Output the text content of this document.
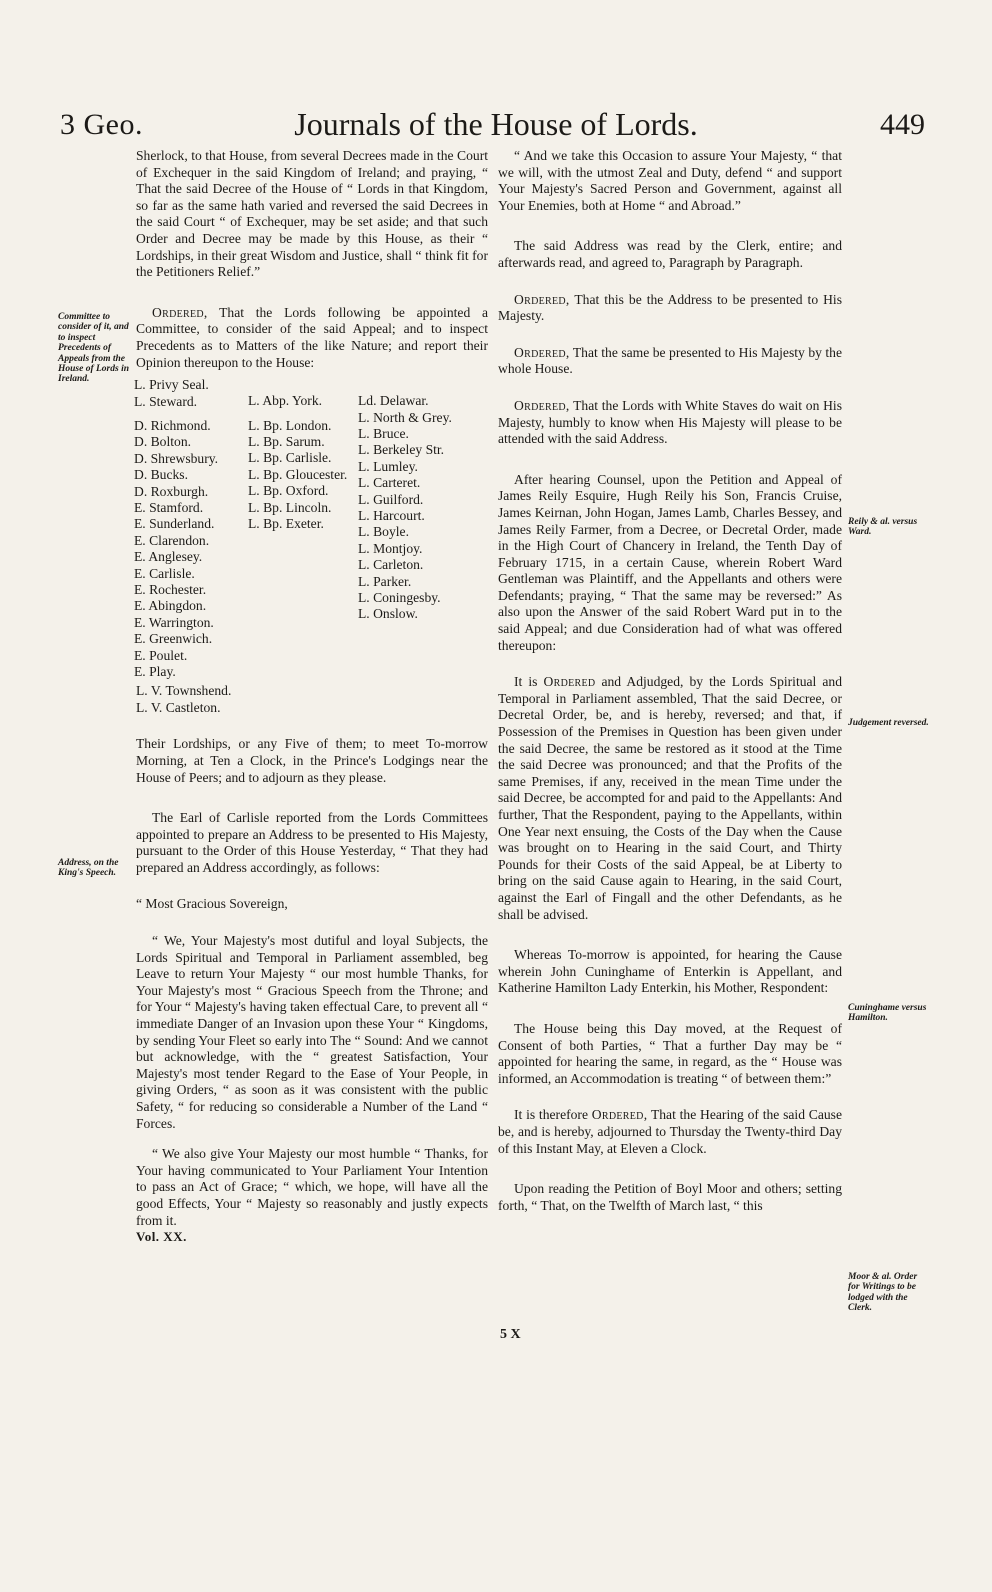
3 Geo.	Journals of the House of Lords.	449

Sherlock, to that House, from several Decrees made in the Court of Exchequer in the said Kingdom of Ireland; and praying, “ That the said Decree of the House of “ Lords in that Kingdom, so far as the same hath varied and reversed the said Decrees in the said Court “ of Exchequer, may be set aside; and that such Order and Decree may be made by this House, as their “ Lordships, in their great Wisdom and Justice, shall “ think fit for the Petitioners Relief.”

Ordered, That the Lords following be appointed a Committee, to consider of the said Appeal; and to inspect Precedents as to Matters of the like Nature; and report their Opinion thereupon to the House:

L. Privy Seal.
L. Steward.
D. Richmond.
D. Bolton.
D. Shrewsbury.
D. Bucks.
D. Roxburgh.
E. Stamford.
E. Sunderland.
E. Clarendon.
E. Anglesey.
E. Carlisle.
E. Rochester.
E. Abingdon.
E. Warrington.
E. Greenwich.
E. Poulet.
E. Play.
L. Abp. York.
L. Bp. London.
L. Bp. Sarum.
L. Bp. Carlisle.
L. Bp. Gloucester.
L. Bp. Oxford.
L. Bp. Lincoln.
L. Bp. Exeter.
Ld. Delawar.
L. North & Grey.
L. Bruce.
L. Berkeley Str.
L. Lumley.
L. Carteret.
L. Guilford.
L. Harcourt.
L. Boyle.
L. Montjoy.
L. Carleton.
L. Parker.
L. Coningesby.
L. Onslow.
L. V. Townshend.
L. V. Castleton.

Their Lordships, or any Five of them; to meet To-morrow Morning, at Ten a Clock, in the Prince's Lodgings near the House of Peers; and to adjourn as they please.

The Earl of Carlisle reported from the Lords Committees appointed to prepare an Address to be presented to His Majesty, pursuant to the Order of this House Yesterday, “ That they had prepared an Address accordingly, as follows:

“ Most Gracious Sovereign,

“ We, Your Majesty's most dutiful and loyal Subjects, the Lords Spiritual and Temporal in Parliament assembled, beg Leave to return Your Majesty “ our most humble Thanks, for Your Majesty's most “ Gracious Speech from the Throne; and for Your “ Majesty's having taken effectual Care, to prevent all “ immediate Danger of an Invasion upon these Your “ Kingdoms, by sending Your Fleet so early into The “ Sound: And we cannot but acknowledge, with the “ greatest Satisfaction, Your Majesty's most tender Regard to the Ease of Your People, in giving Orders, “ as soon as it was consistent with the public Safety, “ for reducing so considerable a Number of the Land “ Forces.

“ We also give Your Majesty our most humble “ Thanks, for Your having communicated to Your Parliament Your Intention to pass an Act of Grace; “ which, we hope, will have all the good Effects, Your “ Majesty so reasonably and justly expects from it.

Vol. XX.

“ And we take this Occasion to assure Your Majesty, “ that we will, with the utmost Zeal and Duty, defend “ and support Your Majesty's Sacred Person and Government, against all Your Enemies, both at Home “ and Abroad.”

The said Address was read by the Clerk, entire; and afterwards read, and agreed to, Paragraph by Paragraph.

Ordered, That this be the Address to be presented to His Majesty.

Ordered, That the same be presented to His Majesty by the whole House.

Ordered, That the Lords with White Staves do wait on His Majesty, humbly to know when His Majesty will please to be attended with the said Address.

After hearing Counsel, upon the Petition and Appeal of James Reily Esquire, Hugh Reily his Son, Francis Cruise, James Keirnan, John Hogan, James Lamb, Charles Bessey, and James Reily Farmer, from a Decree, or Decretal Order, made in the High Court of Chancery in Ireland, the Tenth Day of February 1715, in a certain Cause, wherein Robert Ward Gentleman was Plaintiff, and the Appellants and others were Defendants; praying, “ That the same may be reversed:” As also upon the Answer of the said Robert Ward put in to the said Appeal; and due Consideration had of what was offered thereupon:

It is Ordered and Adjudged, by the Lords Spiritual and Temporal in Parliament assembled, That the said Decree, or Decretal Order, be, and is hereby, reversed; and that, if Possession of the Premises in Question has been given under the said Decree, the same be restored as it stood at the Time the said Decree was pronounced; and that the Profits of the same Premises, if any, received in the mean Time under the said Decree, be accompted for and paid to the Appellants: And further, That the Respondent, paying to the Appellants, within One Year next ensuing, the Costs of the Day when the Cause was brought on to Hearing in the said Court, and Thirty Pounds for their Costs of the said Appeal, be at Liberty to bring on the said Cause again to Hearing, in the said Court, against the Earl of Fingall and the other Defendants, as he shall be advised.

Whereas To-morrow is appointed, for hearing the Cause wherein John Cuninghame of Enterkin is Appellant, and Katherine Hamilton Lady Enterkin, his Mother, Respondent:

The House being this Day moved, at the Request of Consent of both Parties, “ That a further Day may be “ appointed for hearing the same, in regard, as the “ House was informed, an Accommodation is treating “ of between them:”

It is therefore Ordered, That the Hearing of the said Cause be, and is hereby, adjourned to Thursday the Twenty-third Day of this Instant May, at Eleven a Clock.

Upon reading the Petition of Boyl Moor and others; setting forth, “ That, on the Twelfth of March last, “ this

5 X
Committee to consider of it, and to inspect Precedents of Appeals from the House of Lords in Ireland.
Address, on the King's Speech.
Reily & al. versus Ward.
Judgement reversed.
Cuninghame versus Hamilton.
Moor & al. Order for Writings to be lodged with the Clerk.
